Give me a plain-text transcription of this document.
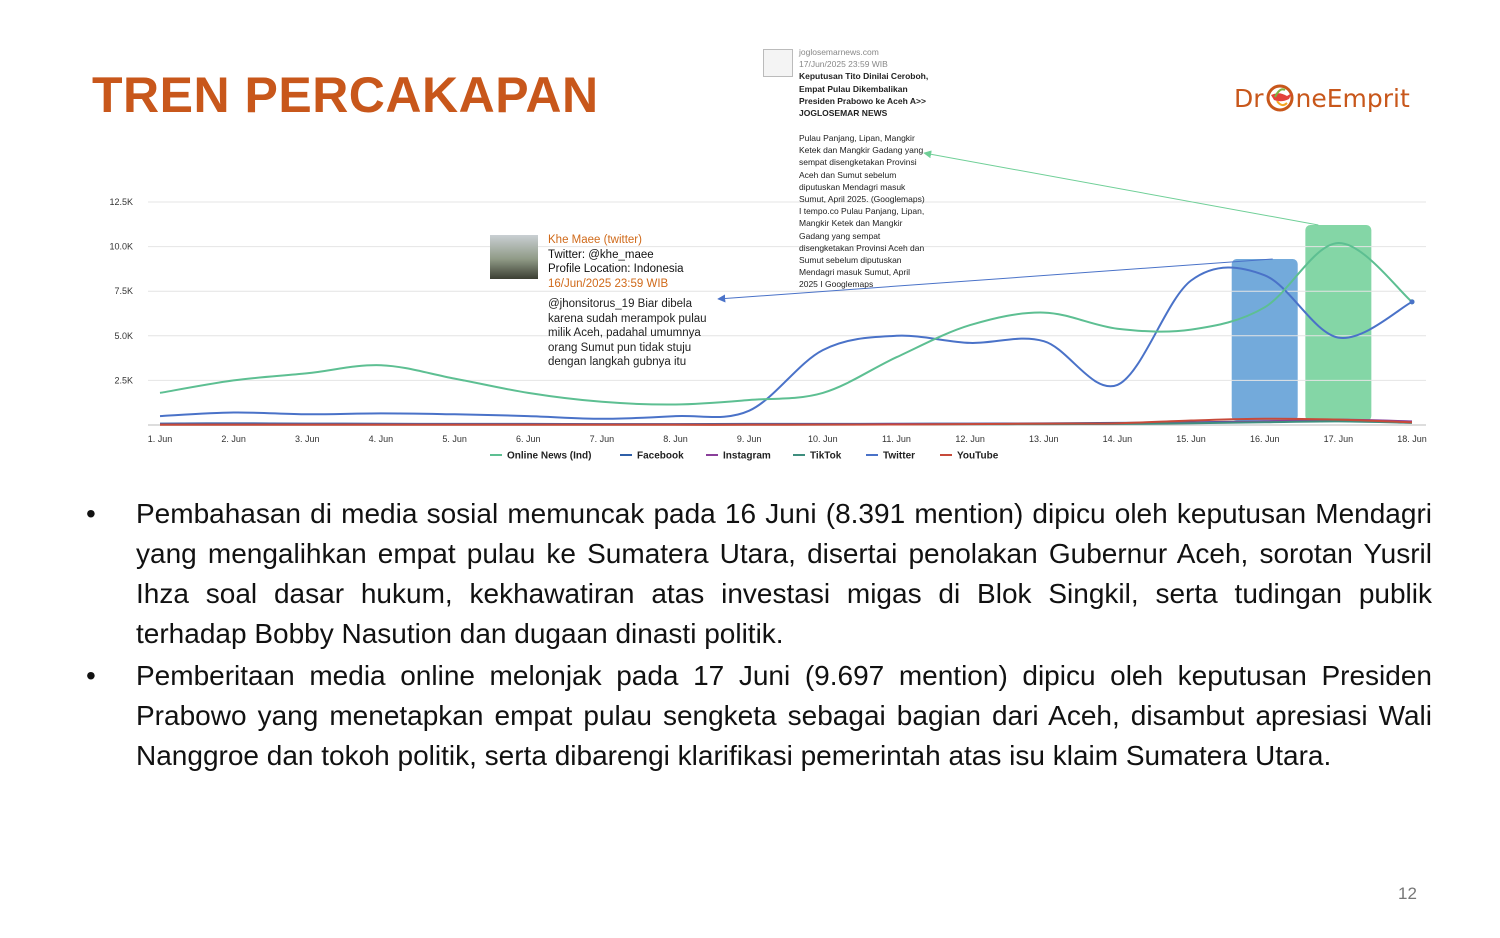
TREN PERCAKAPAN	Dr ne Emprit
2.5K
5.0K
7.5K
10.0K
12.5K
1. Jun	2. Jun	3. Jun	4. Jun	5. Jun	6. Jun	7. Jun	8. Jun	9. Jun	10. Jun	11. Jun	12. Jun	13. Jun	14. Jun	15. Jun	16. Jun	17. Jun	18. Jun
Online News (Ind)	Facebook	Instagram	TikTok	Twitter	YouTube
Khe Maee (twitter)
Twitter: @khe_maee
Profile Location: Indonesia
16/Jun/2025 23:59 WIB
@jhonsitorus_19 Biar dibela karena sudah merampok pulau milik Aceh, padahal umumnya orang Sumut pun tidak stuju dengan langkah gubnya itu
joglosemarnews.com
17/Jun/2025 23:59 WIB
Keputusan Tito Dinilai Ceroboh, Empat Pulau Dikembalikan Presiden Prabowo ke Aceh A>> JOGLOSEMAR NEWS
Pulau Panjang, Lipan, Mangkir Ketek dan Mangkir Gadang yang sempat disengketakan Provinsi Aceh dan Sumut sebelum diputuskan Mendagri masuk Sumut, April 2025. (Googlemaps) I tempo.co Pulau Panjang, Lipan, Mangkir Ketek dan Mangkir Gadang yang sempat disengketakan Provinsi Aceh dan Sumut sebelum diputuskan Mendagri masuk Sumut, April 2025 I Googlemaps
•	Pembahasan di media sosial memuncak pada 16 Juni (8.391 mention) dipicu oleh keputusan Mendagri yang mengalihkan empat pulau ke Sumatera Utara, disertai penolakan Gubernur Aceh, sorotan Yusril Ihza soal dasar hukum, kekhawatiran atas investasi migas di Blok Singkil, serta tudingan publik terhadap Bobby Nasution dan dugaan dinasti politik.
•	Pemberitaan media online melonjak pada 17 Juni (9.697 mention) dipicu oleh keputusan Presiden Prabowo yang menetapkan empat pulau sengketa sebagai bagian dari Aceh, disambut apresiasi Wali Nanggroe dan tokoh politik, serta dibarengi klarifikasi pemerintah atas isu klaim Sumatera Utara.
12
